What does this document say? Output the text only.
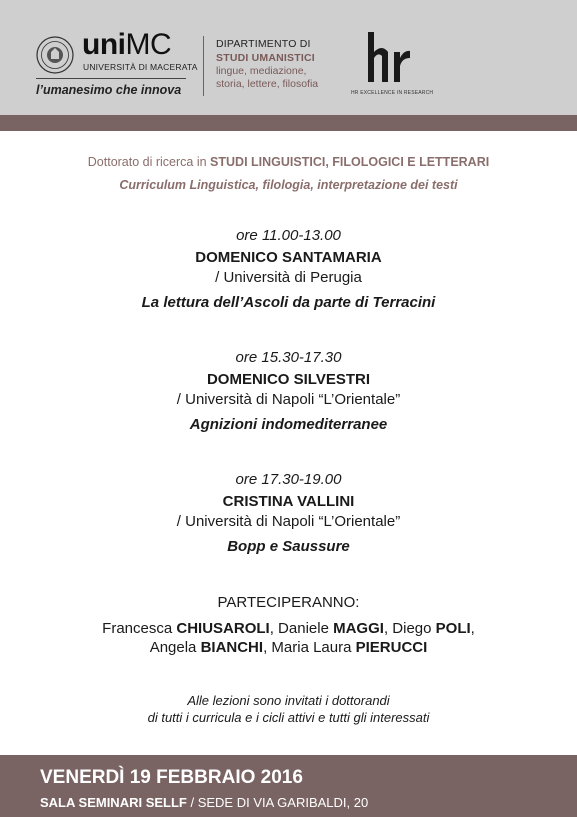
uniMC
UNIVERSITÀ DI MACERATA
l’umanesimo che innova
DIPARTIMENTO DI
STUDI UMANISTICI
lingue, mediazione,
storia, lettere, filosofia
HR EXCELLENCE IN RESEARCH
Dottorato di ricerca in STUDI LINGUISTICI, FILOLOGICI E LETTERARI
Curriculum Linguistica, filologia, interpretazione dei testi
ore 11.00-13.00
DOMENICO SANTAMARIA
/ Università di Perugia
La lettura dell’Ascoli da parte di Terracini
ore 15.30-17.30
DOMENICO SILVESTRI
/ Università di Napoli “L’Orientale”
Agnizioni indomediterranee
ore 17.30-19.00
CRISTINA VALLINI
/ Università di Napoli “L’Orientale”
Bopp e Saussure
PARTECIPERANNO:
Francesca CHIUSAROLI, Daniele MAGGI, Diego POLI,
Angela BIANCHI, Maria Laura PIERUCCI
Alle lezioni sono invitati i dottorandi
di tutti i curricula e i cicli attivi e tutti gli interessati
VENERDÌ 19 FEBBRAIO 2016
SALA SEMINARI SELLF / SEDE DI VIA GARIBALDI, 20
